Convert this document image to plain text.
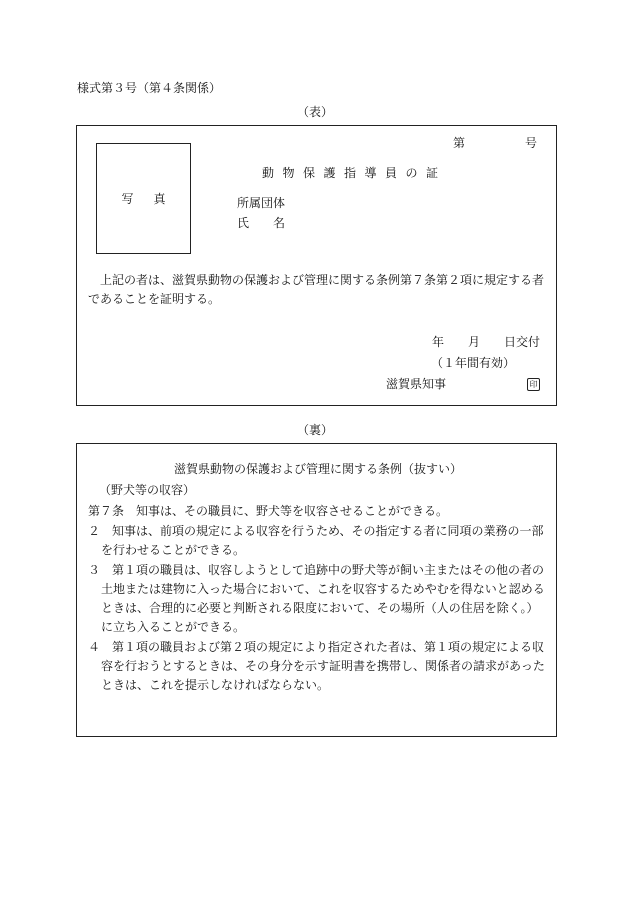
様式第３号（第４条関係）
（表）
第　　　　　号
写真
動物保護指導員の証
所属団体
氏　　名
上記の者は、滋賀県動物の保護および管理に関する条例第７条第２項に規定する者であることを証明する。
年　　月　　日交付
（１年間有効）
滋賀県知事	印
（裏）
滋賀県動物の保護および管理に関する条例（抜すい）
（野犬等の収容）
第７条　知事は、その職員に、野犬等を収容させることができる。
２　知事は、前項の規定による収容を行うため、その指定する者に同項の業務の一部を行わせることができる。
３　第１項の職員は、収容しようとして追跡中の野犬等が飼い主またはその他の者の土地または建物に入った場合において、これを収容するためやむを得ないと認めるときは、合理的に必要と判断される限度において、その場所（人の住居を除く。）に立ち入ることができる。
４　第１項の職員および第２項の規定により指定された者は、第１項の規定による収容を行おうとするときは、その身分を示す証明書を携帯し、関係者の請求があったときは、これを提示しなければならない。
